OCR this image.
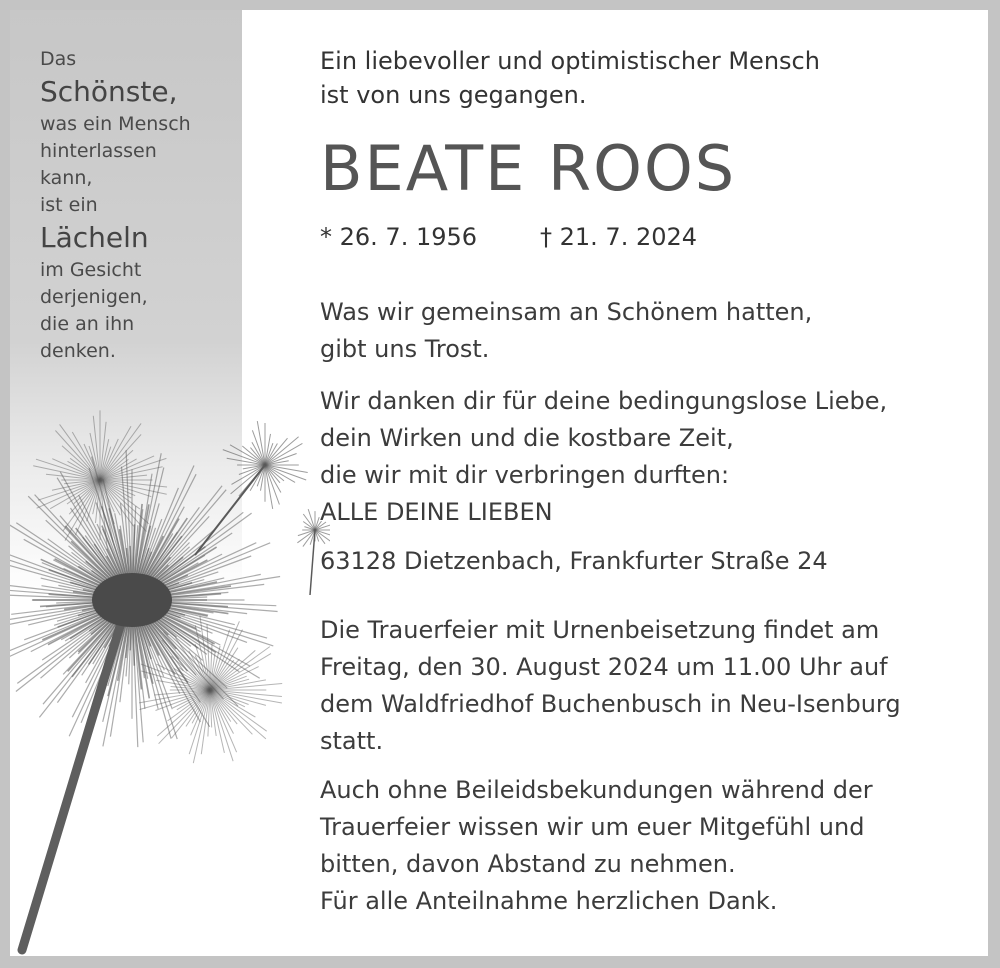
Das
Schönste,
was ein Mensch
hinterlassen
kann,
ist ein
Lächeln
im Gesicht
derjenigen,
die an ihn
denken.
Ein liebevoller und optimistischer Mensch
ist von uns gegangen.
BEATE ROOS
* 26. 7. 1956	† 21. 7. 2024
Was wir gemeinsam an Schönem hatten,
gibt uns Trost.
Wir danken dir für deine bedingungslose Liebe,
dein Wirken und die kostbare Zeit,
die wir mit dir verbringen durften:
ALLE DEINE LIEBEN
63128 Dietzenbach, Frankfurter Straße 24
Die Trauerfeier mit Urnenbeisetzung findet am
Freitag, den 30. August 2024 um 11.00 Uhr auf
dem Waldfriedhof Buchenbusch in Neu-Isenburg
statt.
Auch ohne Beileidsbekundungen während der
Trauerfeier wissen wir um euer Mitgefühl und
bitten, davon Abstand zu nehmen.
Für alle Anteilnahme herzlichen Dank.
